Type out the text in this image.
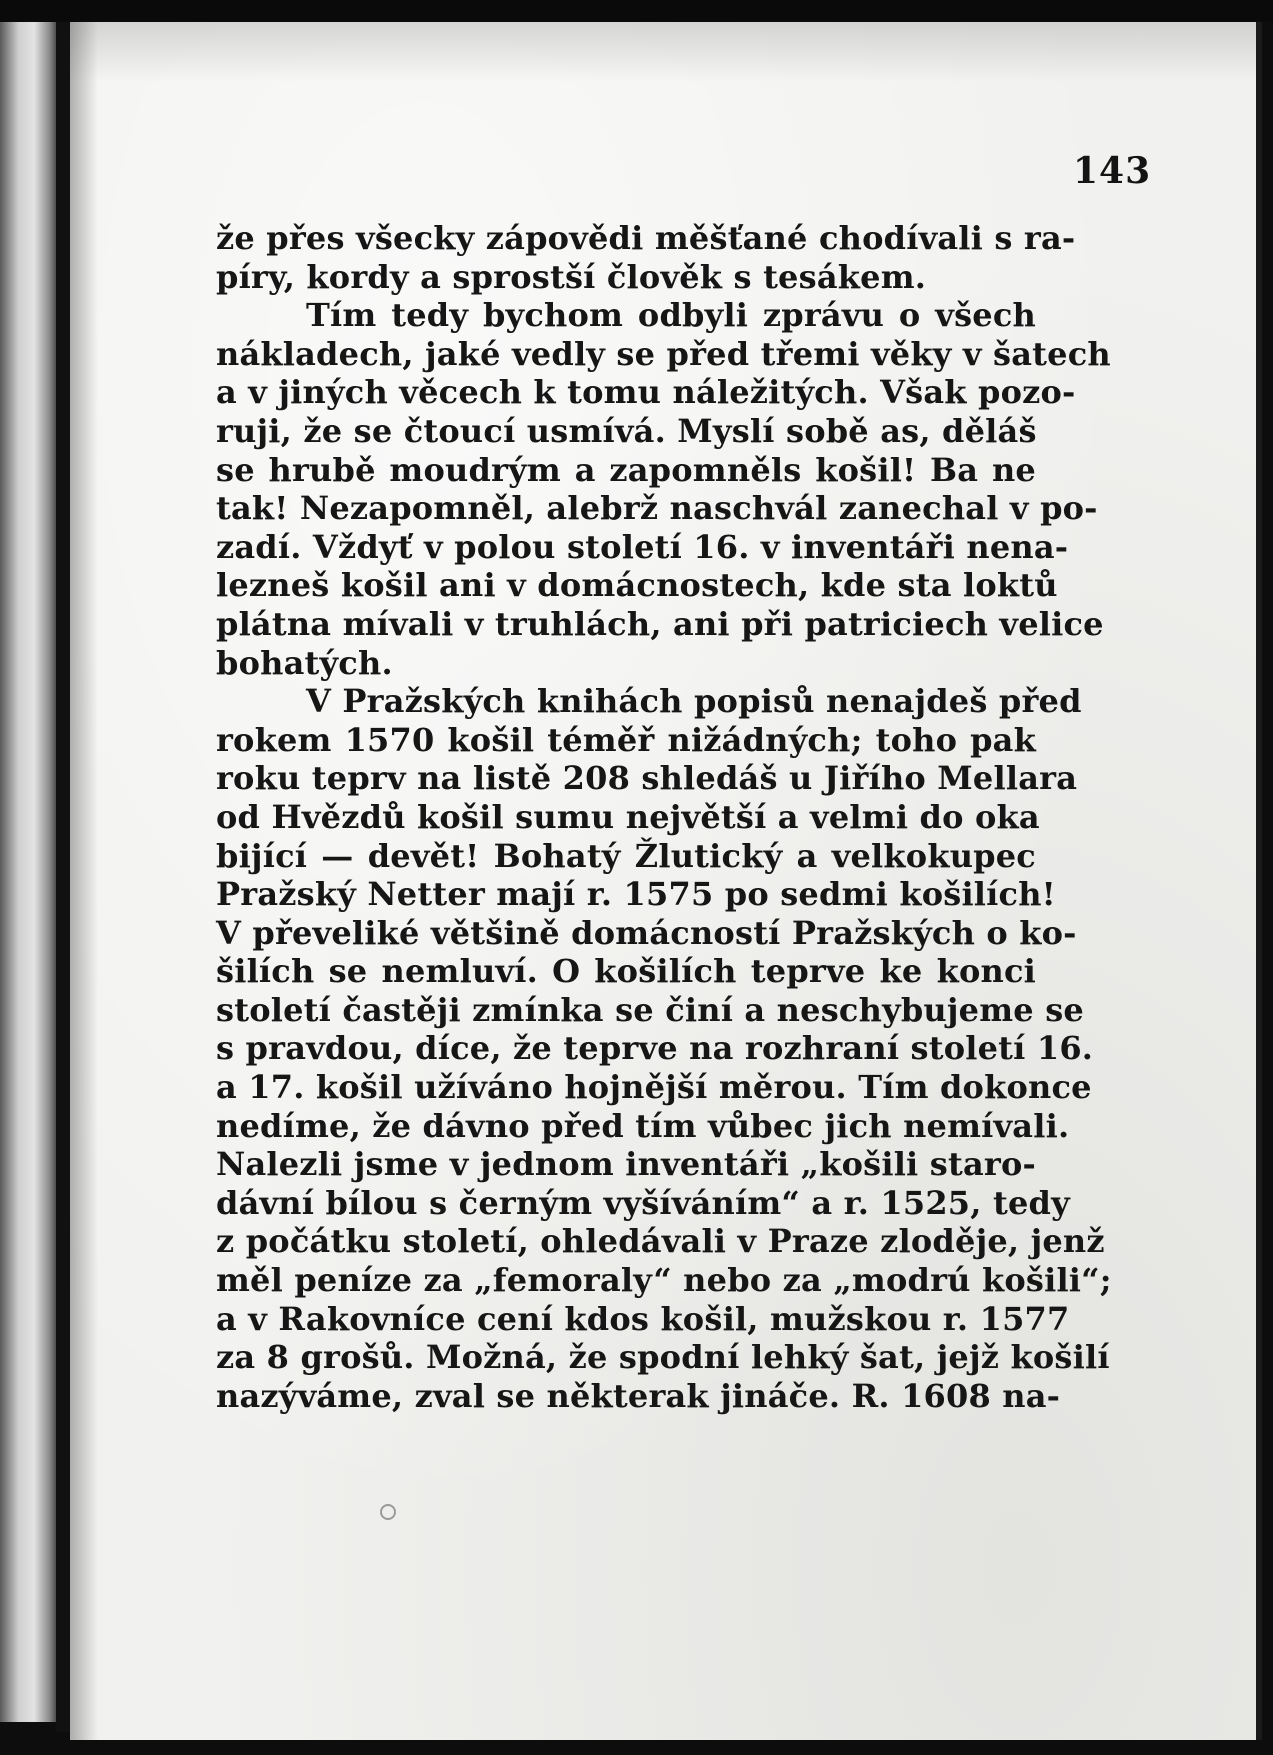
143
že přes všecky zápovědi měšťané chodívali s ra-
píry, kordy a sprostší člověk s tesákem.
Tím tedy bychom odbyli zprávu o všech
nákladech, jaké vedly se před třemi věky v šatech
a v jiných věcech k tomu náležitých. Však pozo-
ruji, že se čtoucí usmívá. Myslí sobě as, děláš
se hrubě moudrým a zapomněls košil! Ba ne
tak! Nezapomněl, alebrž naschvál zanechal v po-
zadí. Vždyť v polou století 16. v inventáři nena-
lezneš košil ani v domácnostech, kde sta loktů
plátna mívali v truhlách, ani při patriciech velice
bohatých.
V Pražských knihách popisů nenajdeš před
rokem 1570 košil téměř nižádných; toho pak
roku teprv na listě 208 shledáš u Jiřího Mellara
od Hvězdů košil sumu největší a velmi do oka
bijící — devět! Bohatý Žlutický a velkokupec
Pražský Netter mají r. 1575 po sedmi košilích!
V převeliké většině domácností Pražských o ko-
šilích se nemluví. O košilích teprve ke konci
století častěji zmínka se činí a neschybujeme se
s pravdou, díce, že teprve na rozhraní století 16.
a 17. košil užíváno hojnější měrou. Tím dokonce
nedíme, že dávno před tím vůbec jich nemívali.
Nalezli jsme v jednom inventáři „košili staro-
dávní bílou s černým vyšíváním“ a r. 1525, tedy
z počátku století, ohledávali v Praze zloděje, jenž
měl peníze za „femoraly“ nebo za „modrú košili“;
a v Rakovníce cení kdos košil, mužskou r. 1577
za 8 grošů. Možná, že spodní lehký šat, jejž košilí
nazýváme, zval se některak jináče. R. 1608 na-
